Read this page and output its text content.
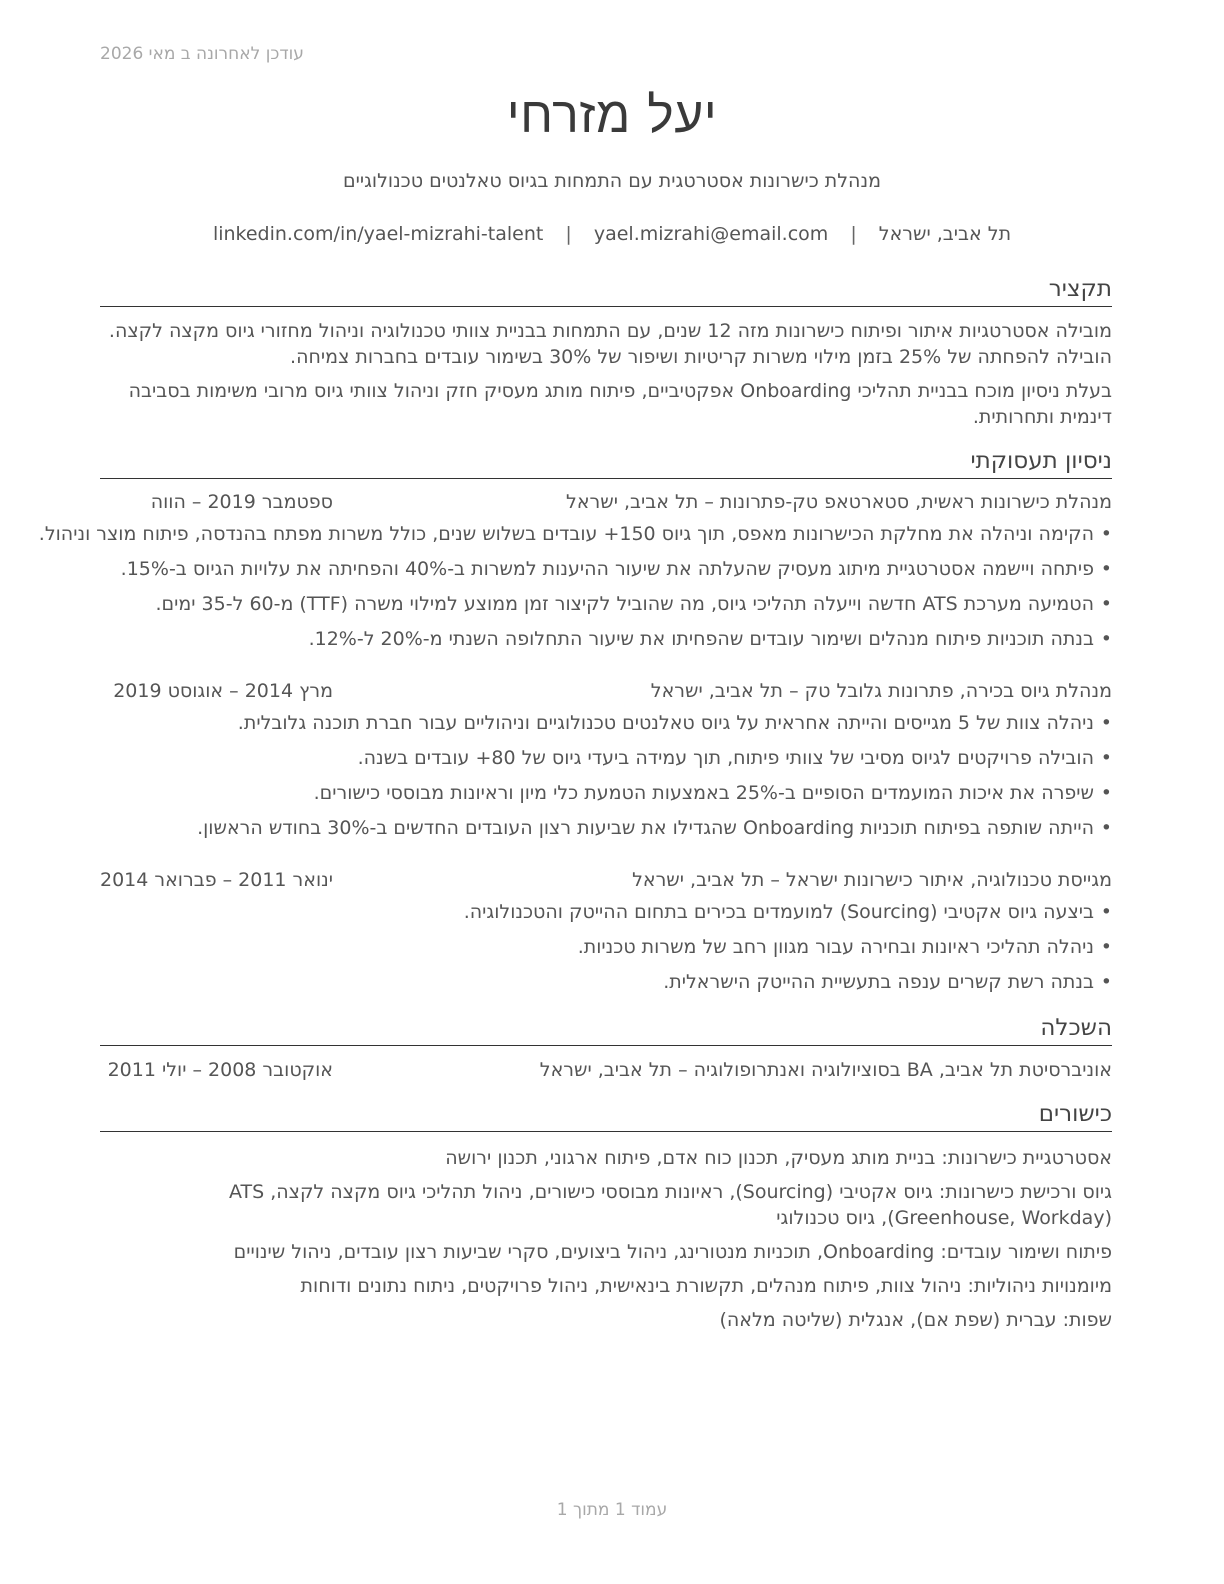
עודכן לאחרונה ב מאי 2026
יעל מזרחי
מנהלת כישרונות אסטרטגית עם התמחות בגיוס טאלנטים טכנולוגיים
תל אביב, ישראל | yael.mizrahi@email.com | linkedin.com/in/yael-mizrahi-talent
תקציר

מובילה אסטרטגיות איתור ופיתוח כישרונות מזה 12 שנים, עם התמחות בבניית צוותי טכנולוגיה וניהול מחזורי גיוס מקצה לקצה. הובילה להפחתה של 25% בזמן מילוי משרות קריטיות ושיפור של 30% בשימור עובדים בחברות צמיחה.

בעלת ניסיון מוכח בבניית תהליכי Onboarding אפקטיביים, פיתוח מותג מעסיק חזק וניהול צוותי גיוס מרובי משימות בסביבה דינמית ותחרותית.

ניסיון תעסוקתי
מנהלת כישרונות ראשית, סטארטאפ טק-פתרונות – תל אביב, ישראל
ספטמבר 2019 – הווה
• הקימה וניהלה את מחלקת הכישרונות מאפס, תוך גיוס 150+ עובדים בשלוש שנים, כולל משרות מפתח בהנדסה, פיתוח מוצר וניהול.
• פיתחה ויישמה אסטרטגיית מיתוג מעסיק שהעלתה את שיעור ההיענות למשרות ב-40% והפחיתה את עלויות הגיוס ב-15%.
• הטמיעה מערכת ATS חדשה וייעלה תהליכי גיוס, מה שהוביל לקיצור זמן ממוצע למילוי משרה (TTF) מ-60 ל-35 ימים.
• בנתה תוכניות פיתוח מנהלים ושימור עובדים שהפחיתו את שיעור התחלופה השנתי מ-20% ל-12%.
מנהלת גיוס בכירה, פתרונות גלובל טק – תל אביב, ישראל
מרץ 2014 – אוגוסט 2019
• ניהלה צוות של 5 מגייסים והייתה אחראית על גיוס טאלנטים טכנולוגיים וניהוליים עבור חברת תוכנה גלובלית.
• הובילה פרויקטים לגיוס מסיבי של צוותי פיתוח, תוך עמידה ביעדי גיוס של 80+ עובדים בשנה.
• שיפרה את איכות המועמדים הסופיים ב-25% באמצעות הטמעת כלי מיון וראיונות מבוססי כישורים.
• הייתה שותפה בפיתוח תוכניות Onboarding שהגדילו את שביעות רצון העובדים החדשים ב-30% בחודש הראשון.
מגייסת טכנולוגיה, איתור כישרונות ישראל – תל אביב, ישראל
ינואר 2011 – פברואר 2014
• ביצעה גיוס אקטיבי (Sourcing) למועמדים בכירים בתחום ההייטק והטכנולוגיה.
• ניהלה תהליכי ראיונות ובחירה עבור מגוון רחב של משרות טכניות.
• בנתה רשת קשרים ענפה בתעשיית ההייטק הישראלית.
השכלה
אוניברסיטת תל אביב, BA בסוציולוגיה ואנתרופולוגיה – תל אביב, ישראל
אוקטובר 2008 – יולי 2011
כישורים

אסטרטגיית כישרונות: בניית מותג מעסיק, תכנון כוח אדם, פיתוח ארגוני, תכנון ירושה

גיוס ורכישת כישרונות: גיוס אקטיבי (Sourcing), ראיונות מבוססי כישורים, ניהול תהליכי גיוס מקצה לקצה, ATS (Greenhouse, Workday), גיוס טכנולוגי

פיתוח ושימור עובדים: Onboarding, תוכניות מנטורינג, ניהול ביצועים, סקרי שביעות רצון עובדים, ניהול שינויים

מיומנויות ניהוליות: ניהול צוות, פיתוח מנהלים, תקשורת בינאישית, ניהול פרויקטים, ניתוח נתונים ודוחות

שפות: עברית (שפת אם), אנגלית (שליטה מלאה)

עמוד 1 מתוך 1
